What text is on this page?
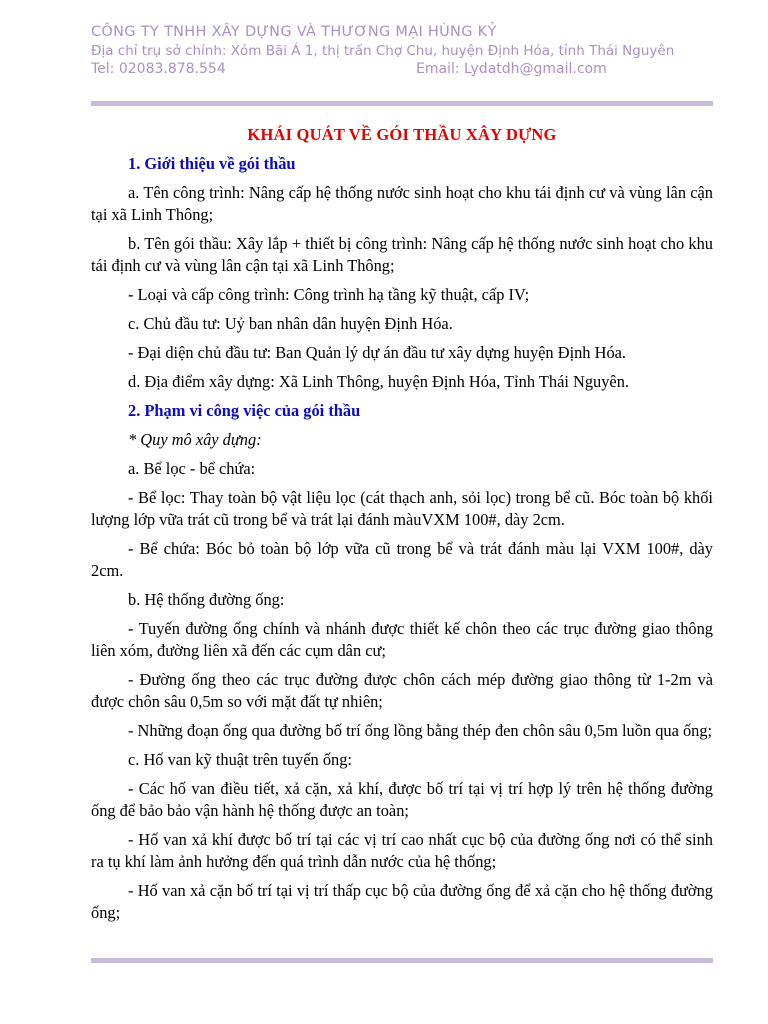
CÔNG TY TNHH XÂY DỰNG VÀ THƯƠNG MẠI HÙNG KỶ
Địa chỉ trụ sở chính: Xóm Bãi Á 1, thị trấn Chợ Chu, huyện Định Hóa, tỉnh Thái Nguyên
Tel: 02083.878.554	Email: Lydatdh@gmail.com
KHÁI QUÁT VỀ GÓI THẦU XÂY DỰNG
1. Giới thiệu về gói thầu
a. Tên công trình: Nâng cấp hệ thống nước sinh hoạt cho khu tái định cư và vùng lân cận tại xã Linh Thông;
b. Tên gói thầu: Xây lắp + thiết bị công trình: Nâng cấp hệ thống nước sinh hoạt cho khu tái định cư và vùng lân cận tại xã Linh Thông;
- Loại và cấp công trình: Công trình hạ tầng kỹ thuật, cấp IV;
c. Chủ đầu tư: Uỷ ban nhân dân huyện Định Hóa.
- Đại diện chủ đầu tư: Ban Quản lý dự án đầu tư xây dựng huyện Định Hóa.
d. Địa điểm xây dựng: Xã Linh Thông, huyện Định Hóa, Tỉnh Thái Nguyên.
2. Phạm vi công việc của gói thầu
* Quy mô xây dựng:
a. Bể lọc - bể chứa:
- Bể lọc: Thay toàn bộ vật liệu lọc (cát thạch anh, sỏi lọc) trong bể cũ. Bóc toàn bộ khối lượng lớp vữa trát cũ trong bể và trát lại đánh màuVXM 100#, dày 2cm.
- Bể chứa: Bóc bỏ toàn bộ lớp vữa cũ trong bể và trát đánh màu lại VXM 100#, dày 2cm.
b. Hệ thống đường ống:
- Tuyến đường ống chính và nhánh được thiết kế chôn theo các trục đường giao thông liên xóm, đường liên xã đến các cụm dân cư;
- Đường ống theo các trục đường được chôn cách mép đường giao thông từ 1-2m và được chôn sâu 0,5m so với mặt đất tự nhiên;
- Những đoạn ống qua đường bố trí ống lồng bằng thép đen chôn sâu 0,5m luồn qua ống;
c. Hố van kỹ thuật trên tuyến ống:
- Các hố van điều tiết, xả cặn, xả khí, được bố trí tại vị trí hợp lý trên hệ thống đường ống để bảo bảo vận hành hệ thống được an toàn;
- Hố van xả khí được bố trí tại các vị trí cao nhất cục bộ của đường ống nơi có thể sinh ra tụ khí làm ảnh hưởng đến quá trình dẫn nước của hệ thống;
- Hố van xả cặn bố trí tại vị trí thấp cục bộ của đường ống để xả cặn cho hệ thống đường ống;
